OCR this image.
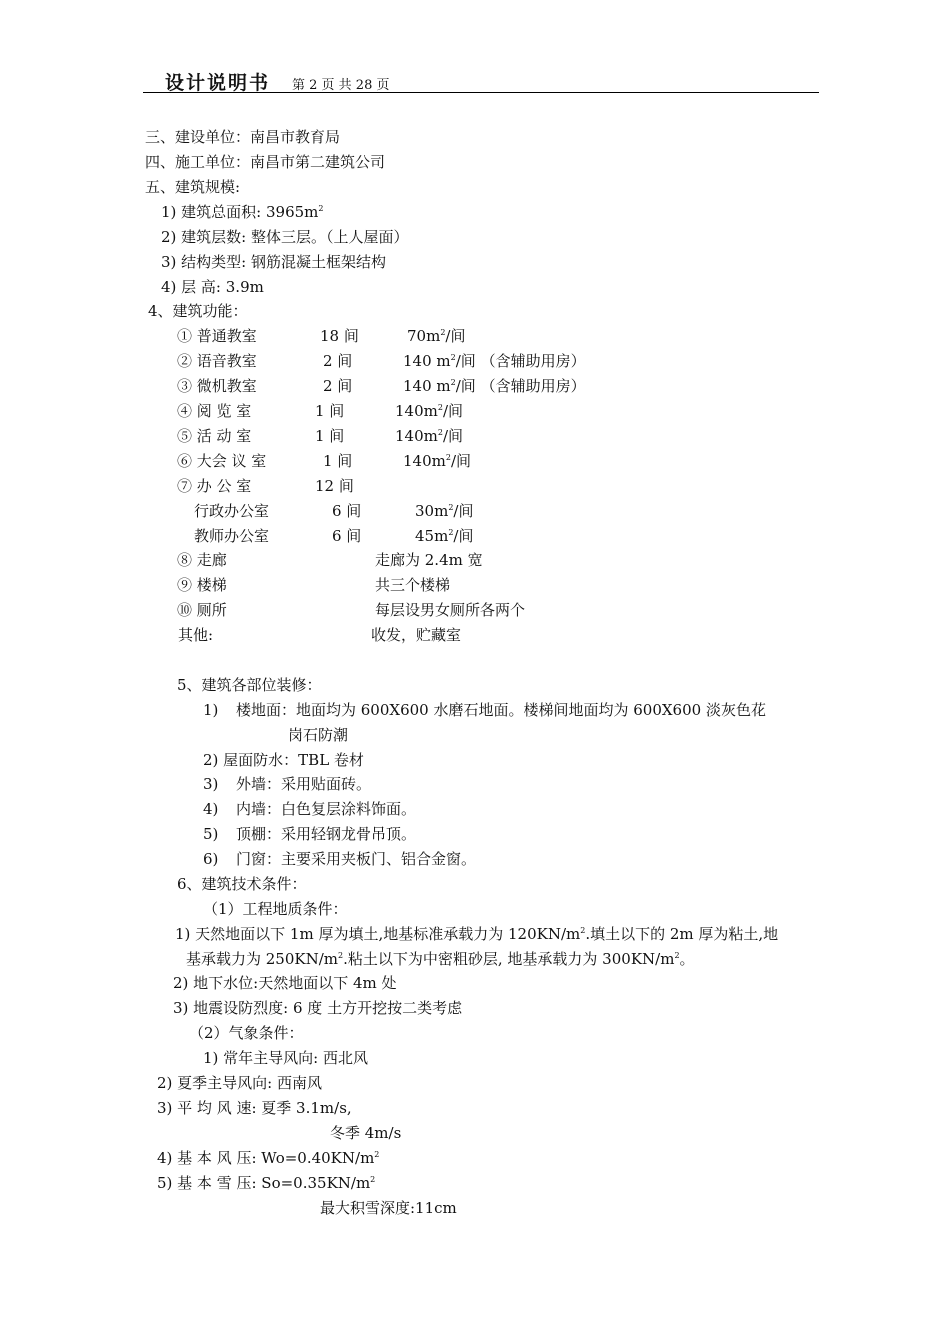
设计说明书 第 2 页 共 28 页
三、建设单位：南昌市教育局
四、施工单位：南昌市第二建筑公司
五、建筑规模:
1) 建筑总面积: $3965m^2$
2) 建筑层数: 整体三层。（上人屋面）
3) 结构类型: 钢筋混凝土框架结构
4) 层 高: 3.9m
4、建筑功能：
① 普通教室	18 间	$70m^2/$间
② 语音教室	2 间	140 $m^2/$间 （含辅助用房）
③ 微机教室	2 间	140 $m^2/$间 （含辅助用房）
④ 阅 览 室	1 间	$140m^2/$间
⑤ 活 动 室	1 间	$140m^2/$间
⑥ 大会 议 室	1 间	$140m^2/$间
⑦ 办 公 室	12 间
行政办公室	6 间	$30m^2/$间
教师办公室	6 间	$45m^2/$间
⑧ 走廊	走廊为 2.4m 宽
⑨ 楼梯	共三个楼梯
⑩ 厕所	每层设男女厕所各两个
其他:	收发，贮藏室
5、建筑各部位装修：
1) 楼地面：地面均为 600X600 水磨石地面。楼梯间地面均为 600X600 淡灰色花
岗石防潮
2) 屋面防水：TBL 卷材
3) 外墙：采用贴面砖。
4) 内墙：白色复层涂料饰面。
5) 顶棚：采用轻钢龙骨吊顶。
6) 门窗：主要采用夹板门、铝合金窗。
6、建筑技术条件：
（1）工程地质条件：
1) 天然地面以下 1m 厚为填土,地基标准承载力为 $120KN/m^2$.填土以下的 2m 厚为粘土,地
基承载力为 $250KN/m^2$.粘土以下为中密粗砂层, 地基承载力为 $300KN/m^2$。
2) 地下水位:天然地面以下 4m 处
3) 地震设防烈度: 6 度 土方开挖按二类考虑
（2）气象条件：
1) 常年主导风向: 西北风
2) 夏季主导风向: 西南风
3) 平 均 风 速: 夏季 3.1m/s,
冬季 4m/s
4) 基 本 风 压: $Wo=0.40KN/m^2$
5) 基 本 雪 压: $So=0.35KN/m^2$
最大积雪深度:11cm
